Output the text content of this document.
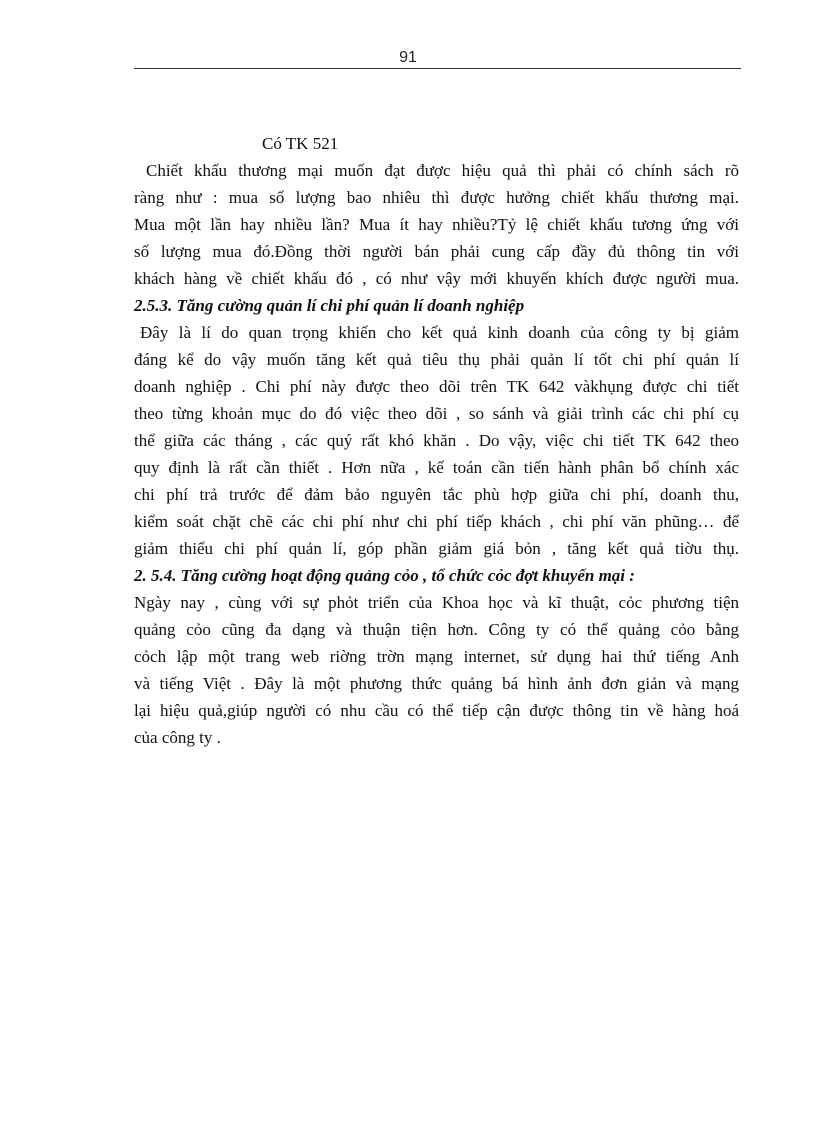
91
Có TK 521
Chiết khấu thương mại muốn đạt được hiệu quả thì phải có chính sách rõ
ràng như : mua số lượng bao nhiêu thì được hưởng chiết khấu thương mại.
Mua một lần hay nhiều lần? Mua ít hay nhiều?Tỷ lệ chiết khấu tương ứng với
số lượng mua đó.Đồng thời người bán phải cung cấp đầy đủ thông tin với
khách hàng về chiết khấu đó , có như vậy mới khuyến khích được người mua.
2.5.3. Tăng cường quản lí chi phí quản lí doanh nghiệp
Đây là lí do quan trọng khiến cho kết quả kinh doanh của công ty bị giảm
đáng kể do vậy muốn tăng kết quả tiêu thụ phải quản lí tốt chi phí quản lí
doanh nghiệp . Chi phí này được theo dõi trên TK 642 vàkhụng được chi tiết
theo từng khoản mục do đó việc theo dõi , so sánh và giải trình các chi phí cụ
thể giữa các tháng , các quý rất khó khăn . Do vậy, việc chi tiết TK 642 theo
quy định là rất cần thiết . Hơn nữa , kế toán cần tiến hành phân bổ chính xác
chi phí trả trước để đảm bảo nguyên tắc phù hợp giữa chi phí, doanh thu,
kiểm soát chặt chẽ các chi phí như chi phí tiếp khách , chi phí văn phũng… để
giảm thiểu chi phí quản lí, góp phần giảm giá bỏn , tăng kết quả tiờu thụ.
2. 5.4. Tăng cường hoạt động quảng cỏo , tổ chức cỏc đợt khuyến mại :
Ngày nay , cùng với sự phỏt triển của Khoa học và kĩ thuật, cỏc phương tiện
quảng cỏo cũng đa dạng và thuận tiện hơn. Công ty có thể quảng cỏo bằng
cỏch lập một trang web riờng trờn mạng internet, sử dụng hai thứ tiếng Anh
và tiếng Việt . Đây là một phương thức quảng bá hình ảnh đơn giản và mạng
lại hiệu quả,giúp người có nhu cầu có thể tiếp cận được thông tin về hàng hoá
của công ty .
